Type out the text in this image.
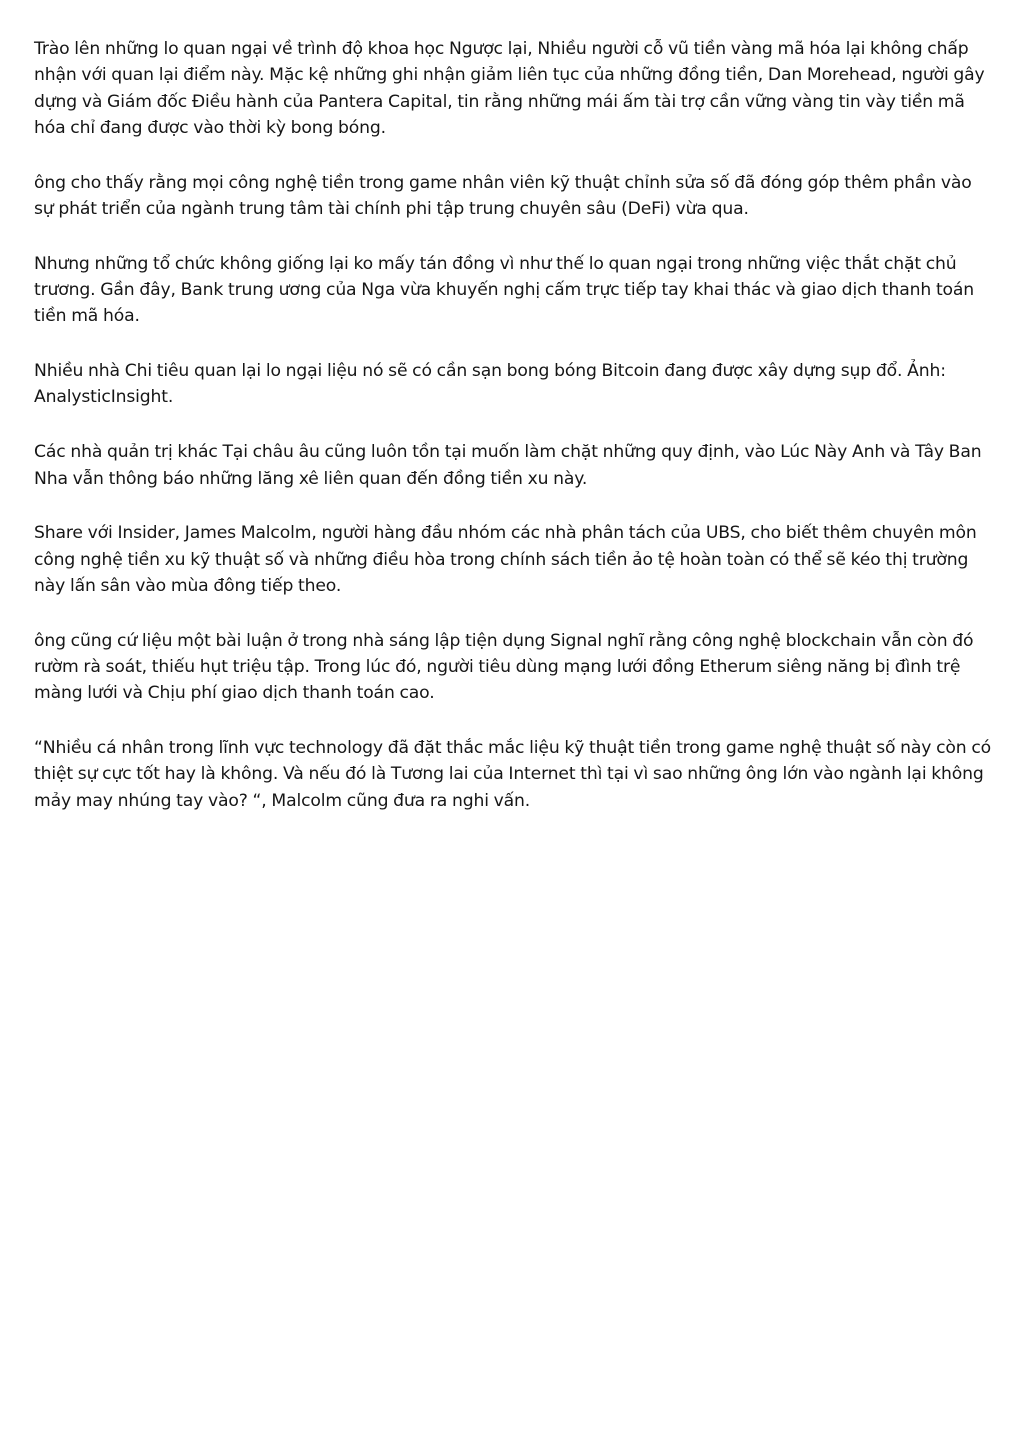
Trào lên những lo quan ngại về trình độ khoa học Ngược lại, Nhiều người cỗ vũ tiền vàng mã hóa lại không chấp nhận với quan lại điểm này. Mặc kệ những ghi nhận giảm liên tục của những đồng tiền, Dan Morehead, người gây dựng và Giám đốc Điều hành của Pantera Capital, tin rằng những mái ấm tài trợ cần vững vàng tin vày tiền mã hóa chỉ đang được vào thời kỳ bong bóng.

ông cho thấy rằng mọi công nghệ tiền trong game nhân viên kỹ thuật chỉnh sửa số đã đóng góp thêm phần vào sự phát triển của ngành trung tâm tài chính phi tập trung chuyên sâu (DeFi) vừa qua.

Nhưng những tổ chức không giống lại ko mấy tán đồng vì như thế lo quan ngại trong những việc thắt chặt chủ trương. Gần đây, Bank trung ương của Nga vừa khuyến nghị cấm trực tiếp tay khai thác và giao dịch thanh toán tiền mã hóa.

Nhiều nhà Chi tiêu quan lại lo ngại liệu nó sẽ có cần sạn bong bóng Bitcoin đang được xây dựng sụp đổ. Ảnh: AnalysticInsight.

Các nhà quản trị khác Tại châu âu cũng luôn tồn tại muốn làm chặt những quy định, vào Lúc Này Anh và Tây Ban Nha vẫn thông báo những lăng xê liên quan đến đồng tiền xu này.

Share với Insider, James Malcolm, người hàng đầu nhóm các nhà phân tách của UBS, cho biết thêm chuyên môn công nghệ tiền xu kỹ thuật số và những điều hòa trong chính sách tiền ảo tệ hoàn toàn có thể sẽ kéo thị trường này lấn sân vào mùa đông tiếp theo.

ông cũng cứ liệu một bài luận ở trong nhà sáng lập tiện dụng Signal nghĩ rằng công nghệ blockchain vẫn còn đó rườm rà soát, thiếu hụt triệu tập. Trong lúc đó, người tiêu dùng mạng lưới đồng Etherum siêng năng bị đình trệ màng lưới và Chịu phí giao dịch thanh toán cao.

“Nhiều cá nhân trong lĩnh vực technology đã đặt thắc mắc liệu kỹ thuật tiền trong game nghệ thuật số này còn có thiệt sự cực tốt hay là không. Và nếu đó là Tương lai của Internet thì tại vì sao những ông lớn vào ngành lại không mảy may nhúng tay vào? “, Malcolm cũng đưa ra nghi vấn.
